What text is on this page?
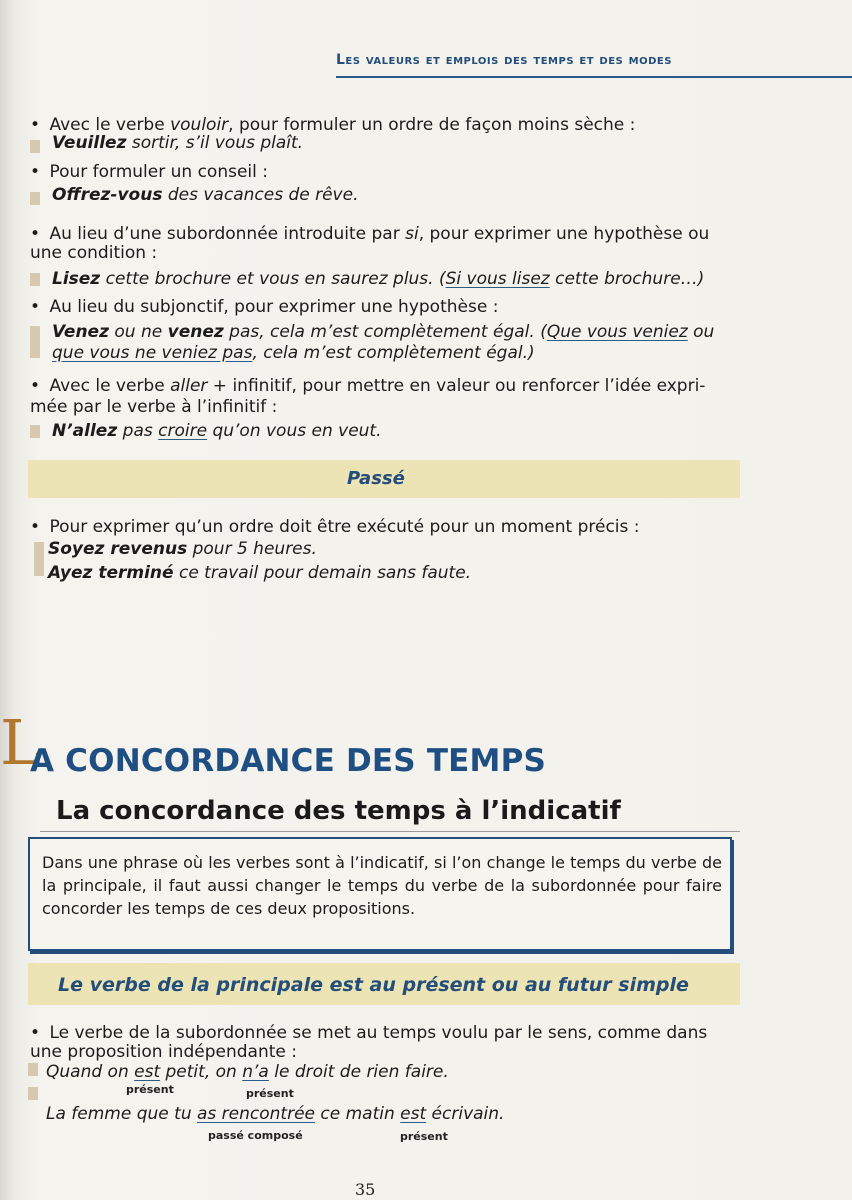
Les valeurs et emplois des temps et des modes
• Avec le verbe vouloir, pour formuler un ordre de façon moins sèche :
Veuillez sortir, s’il vous plaît.
• Pour formuler un conseil :
Offrez-vous des vacances de rêve.
• Au lieu d’une subordonnée introduite par si, pour exprimer une hypothèse ou
une condition :
Lisez cette brochure et vous en saurez plus. (Si vous lisez cette brochure…)
• Au lieu du subjonctif, pour exprimer une hypothèse :
Venez ou ne venez pas, cela m’est complètement égal. (Que vous veniez ou
que vous ne veniez pas, cela m’est complètement égal.)
• Avec le verbe aller + infinitif, pour mettre en valeur ou renforcer l’idée expri-
mée par le verbe à l’infinitif :
N’allez pas croire qu’on vous en veut.
Passé
• Pour exprimer qu’un ordre doit être exécuté pour un moment précis :
Soyez revenus pour 5 heures.
Ayez terminé ce travail pour demain sans faute.
L
A CONCORDANCE DES TEMPS
La concordance des temps à l’indicatif
Dans une phrase où les verbes sont à l’indicatif, si l’on change le temps du verbe de la principale, il faut aussi changer le temps du verbe de la subordonnée pour faire concorder les temps de ces deux propositions.
Le verbe de la principale est au présent ou au futur simple
• Le verbe de la subordonnée se met au temps voulu par le sens, comme dans
une proposition indépendante :
Quand on est petit, on n’a le droit de rien faire.
présent	présent
La femme que tu as rencontrée ce matin est écrivain.
passé composé	présent
35
